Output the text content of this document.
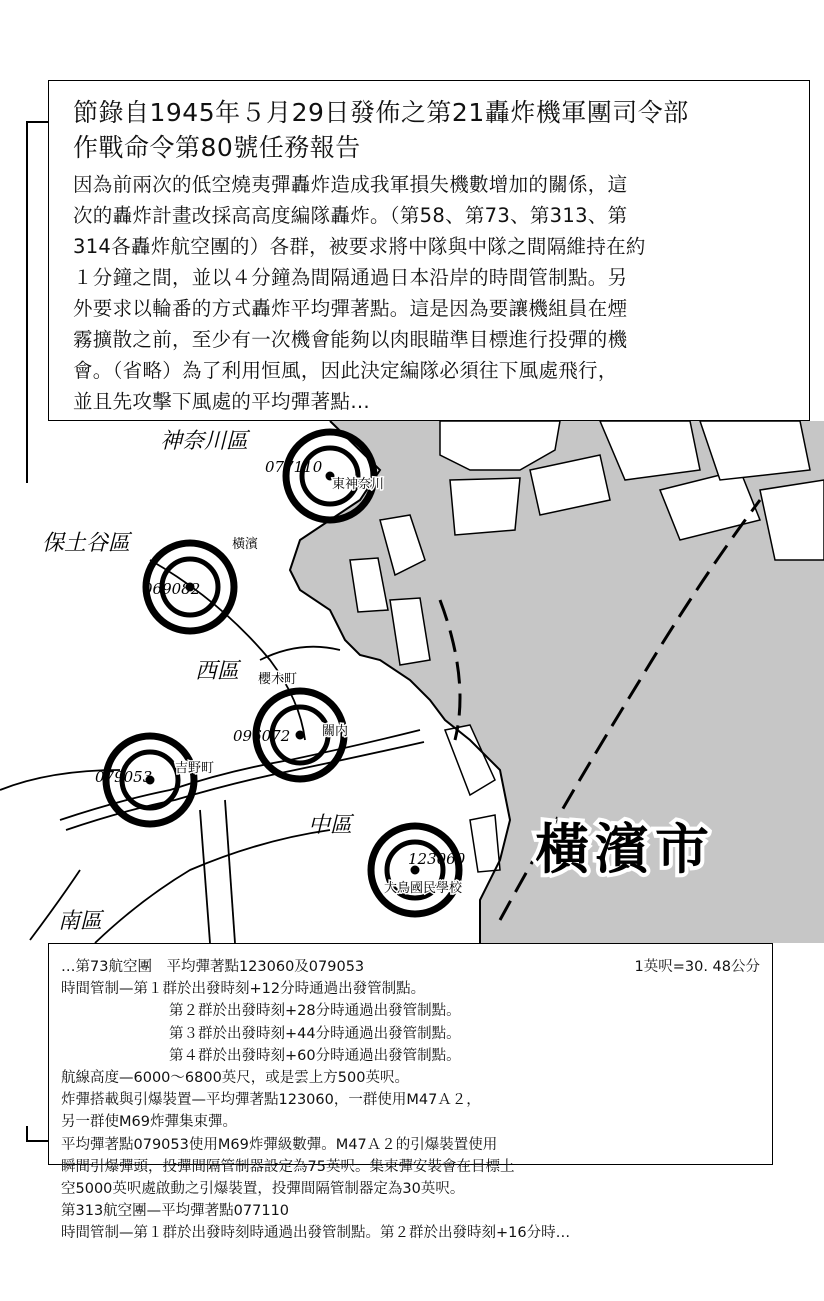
神奈川區
保土谷區
西區
中區
南區
077110
069082
096072
079053
123060
東神奈川
橫濱
櫻木町
關内
吉野町
大鳥國民學校
橫濱市
節錄自1945年５月29日發佈之第21轟炸機軍團司令部
作戰命令第80號任務報告
因為前兩次的低空燒夷彈轟炸造成我軍損失機數增加的關係，這
次的轟炸計畫改採高高度編隊轟炸。（第58、第73、第313、第
314各轟炸航空團的）各群，被要求將中隊與中隊之間隔維持在約
１分鐘之間，並以４分鐘為間隔通過日本沿岸的時間管制點。另
外要求以輪番的方式轟炸平均彈著點。這是因為要讓機組員在煙
霧擴散之前，至少有一次機會能夠以肉眼瞄準目標進行投彈的機
會。（省略）為了利用恒風，因此決定編隊必須往下風處飛行，
並且先攻擊下風處的平均彈著點…
…第73航空團　平均彈著點123060及079053	1英呎=30. 48公分
時間管制—第１群於出發時刻+12分時通過出發管制點。
第２群於出發時刻+28分時通過出發管制點。
第３群於出發時刻+44分時通過出發管制點。
第４群於出發時刻+60分時通過出發管制點。
航線高度—6000～6800英尺，或是雲上方500英呎。
炸彈搭載與引爆裝置—平均彈著點123060，一群使用M47Ａ２，
另一群使M69炸彈集束彈。
平均彈著點079053使用M69炸彈級數彈。M47Ａ２的引爆裝置使用
瞬間引爆彈頭，投彈間隔管制器設定為75英呎。集束彈安裝會在目標上
空5000英呎處啟動之引爆裝置，投彈間隔管制器定為30英呎。
第313航空團—平均彈著點077110
時間管制—第１群於出發時刻時通過出發管制點。第２群於出發時刻+16分時…
